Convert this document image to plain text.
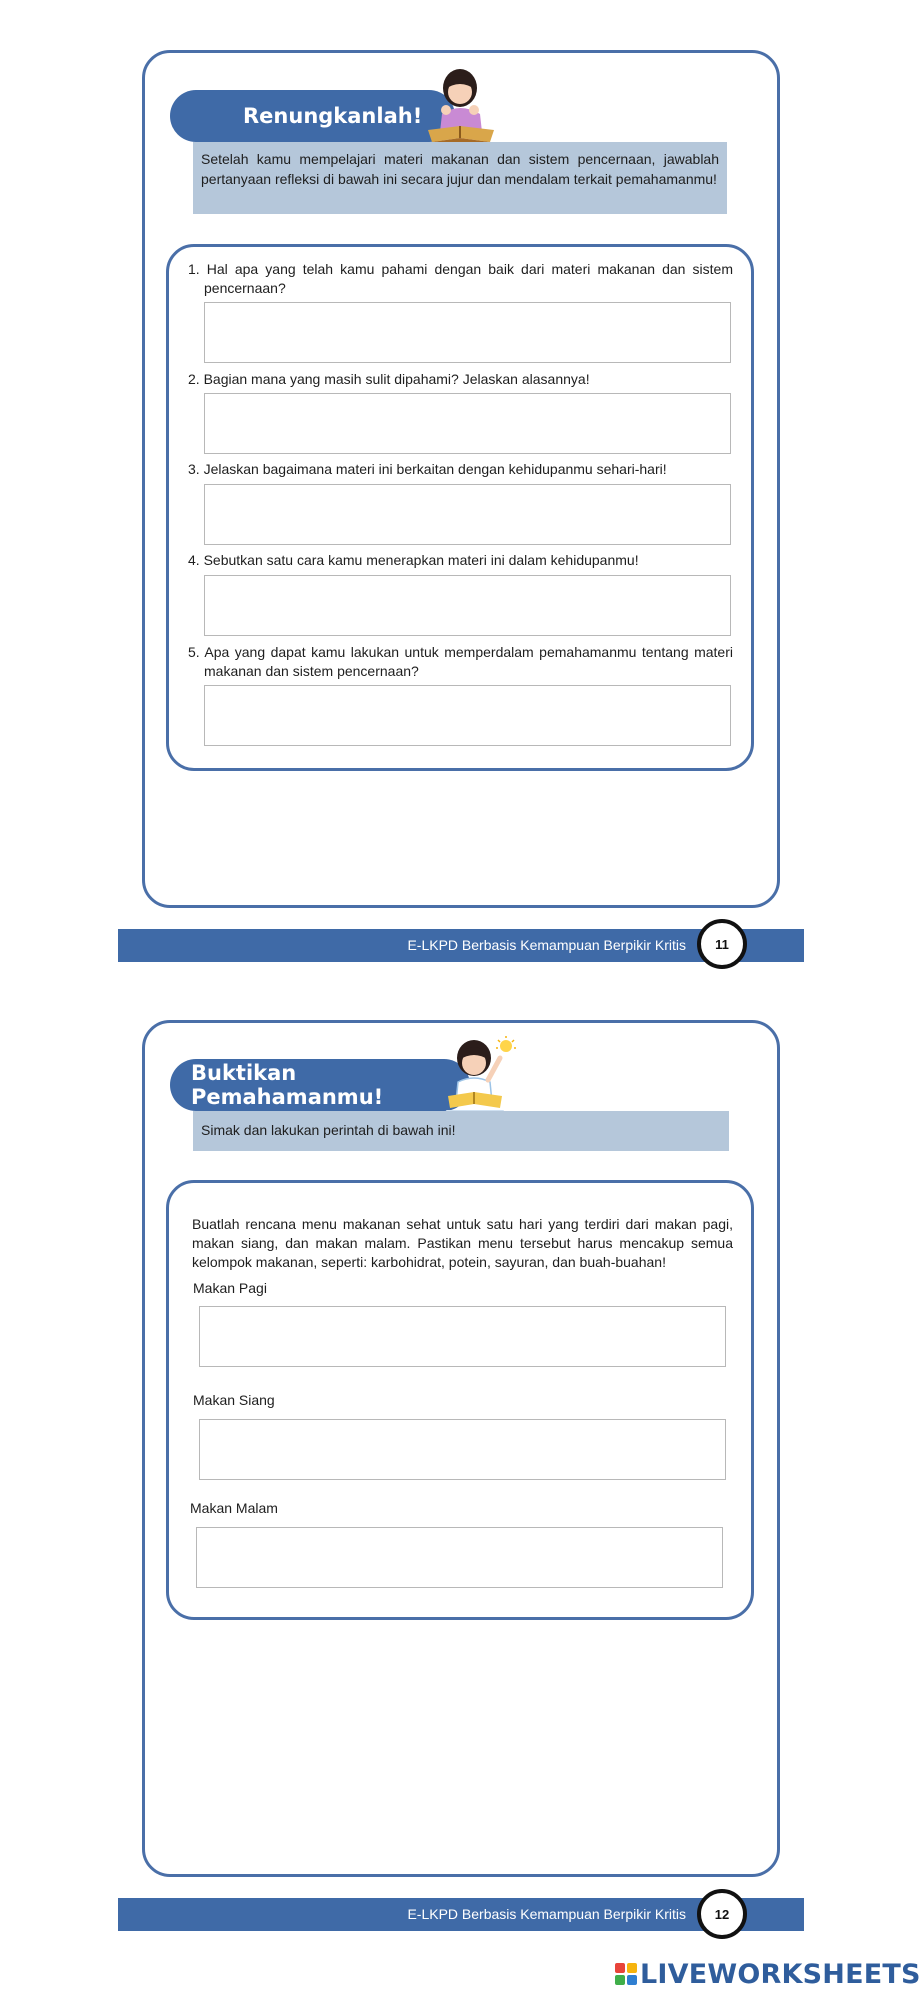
Renungkanlah!
Setelah kamu mempelajari materi makanan dan sistem pencernaan, jawablah pertanyaan refleksi di bawah ini secara jujur dan mendalam terkait pemahamanmu!
1. Hal apa yang telah kamu pahami dengan baik dari materi makanan dan sistem pencernaan?
2. Bagian mana yang masih sulit dipahami? Jelaskan alasannya!
3. Jelaskan bagaimana materi ini berkaitan dengan kehidupanmu sehari-hari!
4. Sebutkan satu cara kamu menerapkan materi ini dalam kehidupanmu!
5. Apa yang dapat kamu lakukan untuk memperdalam pemahamanmu tentang materi makanan dan sistem pencernaan?
E-LKPD Berbasis Kemampuan Berpikir Kritis	11
Buktikan Pemahamanmu!
Simak dan lakukan perintah di bawah ini!
Buatlah rencana menu makanan sehat untuk satu hari yang terdiri dari makan pagi, makan siang, dan makan malam. Pastikan menu tersebut harus mencakup semua kelompok makanan, seperti: karbohidrat, potein, sayuran, dan buah-buahan!
Makan Pagi
Makan Siang
Makan Malam
E-LKPD Berbasis Kemampuan Berpikir Kritis	12
LIVEWORKSHEETS
